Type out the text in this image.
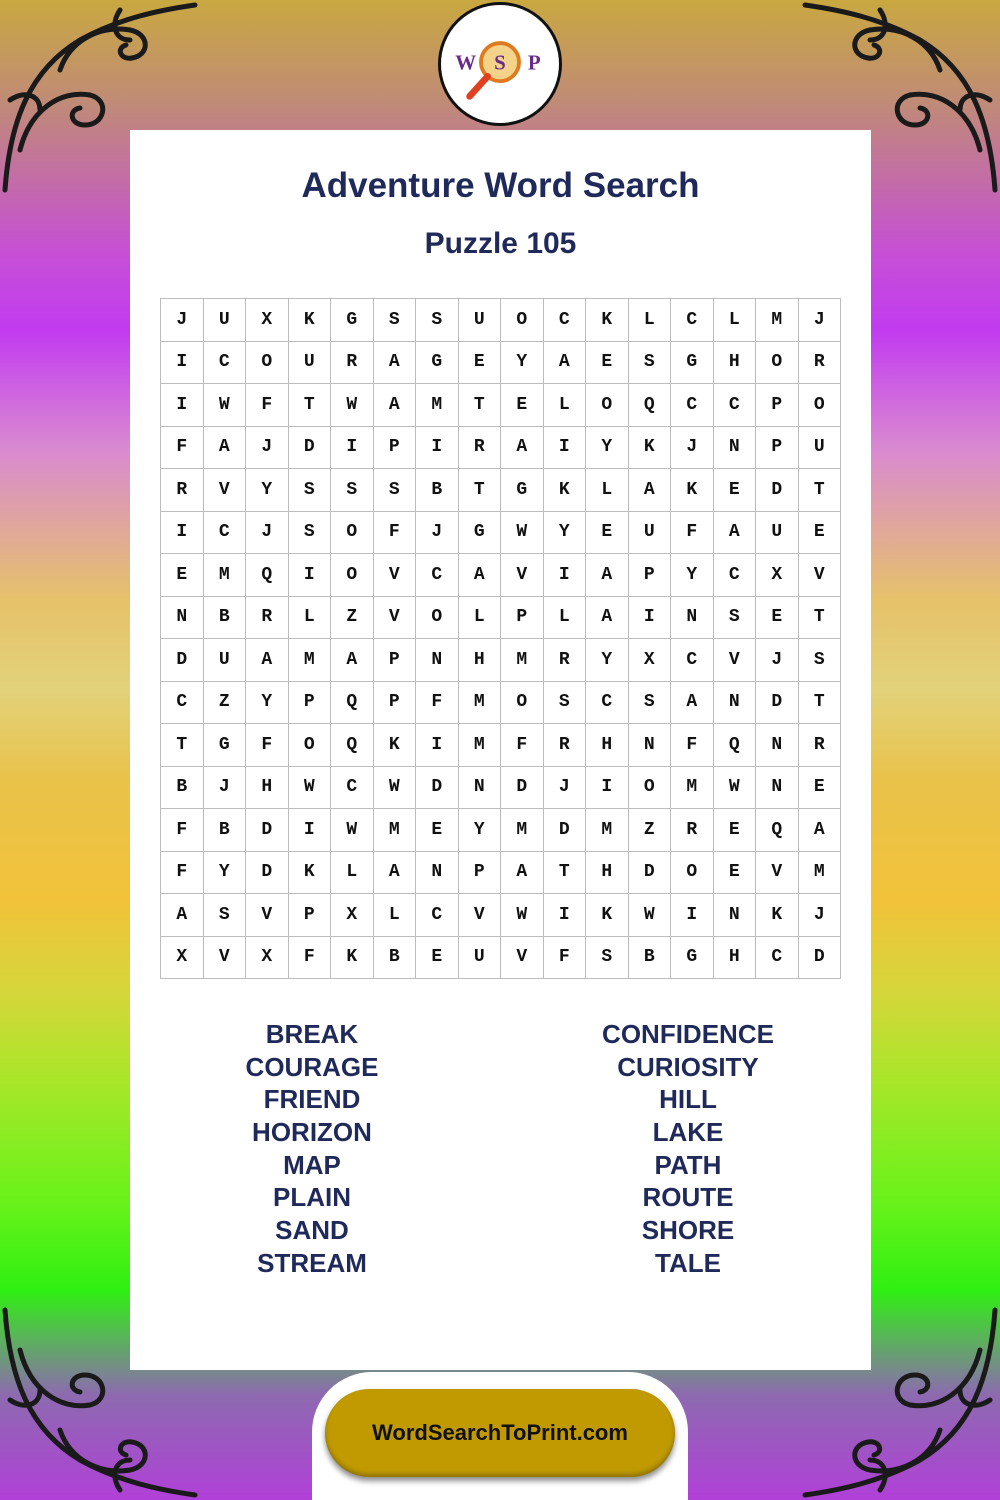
W S P
Adventure Word Search
Puzzle 105
J	U	X	K	G	S	S	U	O	C	K	L	C	L	M	J
I	C	O	U	R	A	G	E	Y	A	E	S	G	H	O	R
I	W	F	T	W	A	M	T	E	L	O	Q	C	C	P	O
F	A	J	D	I	P	I	R	A	I	Y	K	J	N	P	U
R	V	Y	S	S	S	B	T	G	K	L	A	K	E	D	T
I	C	J	S	O	F	J	G	W	Y	E	U	F	A	U	E
E	M	Q	I	O	V	C	A	V	I	A	P	Y	C	X	V
N	B	R	L	Z	V	O	L	P	L	A	I	N	S	E	T
D	U	A	M	A	P	N	H	M	R	Y	X	C	V	J	S
C	Z	Y	P	Q	P	F	M	O	S	C	S	A	N	D	T
T	G	F	O	Q	K	I	M	F	R	H	N	F	Q	N	R
B	J	H	W	C	W	D	N	D	J	I	O	M	W	N	E
F	B	D	I	W	M	E	Y	M	D	M	Z	R	E	Q	A
F	Y	D	K	L	A	N	P	A	T	H	D	O	E	V	M
A	S	V	P	X	L	C	V	W	I	K	W	I	N	K	J
X	V	X	F	K	B	E	U	V	F	S	B	G	H	C	D
BREAK
COURAGE
FRIEND
HORIZON
MAP
PLAIN
SAND
STREAM
CONFIDENCE
CURIOSITY
HILL
LAKE
PATH
ROUTE
SHORE
TALE
WordSearchToPrint.com
